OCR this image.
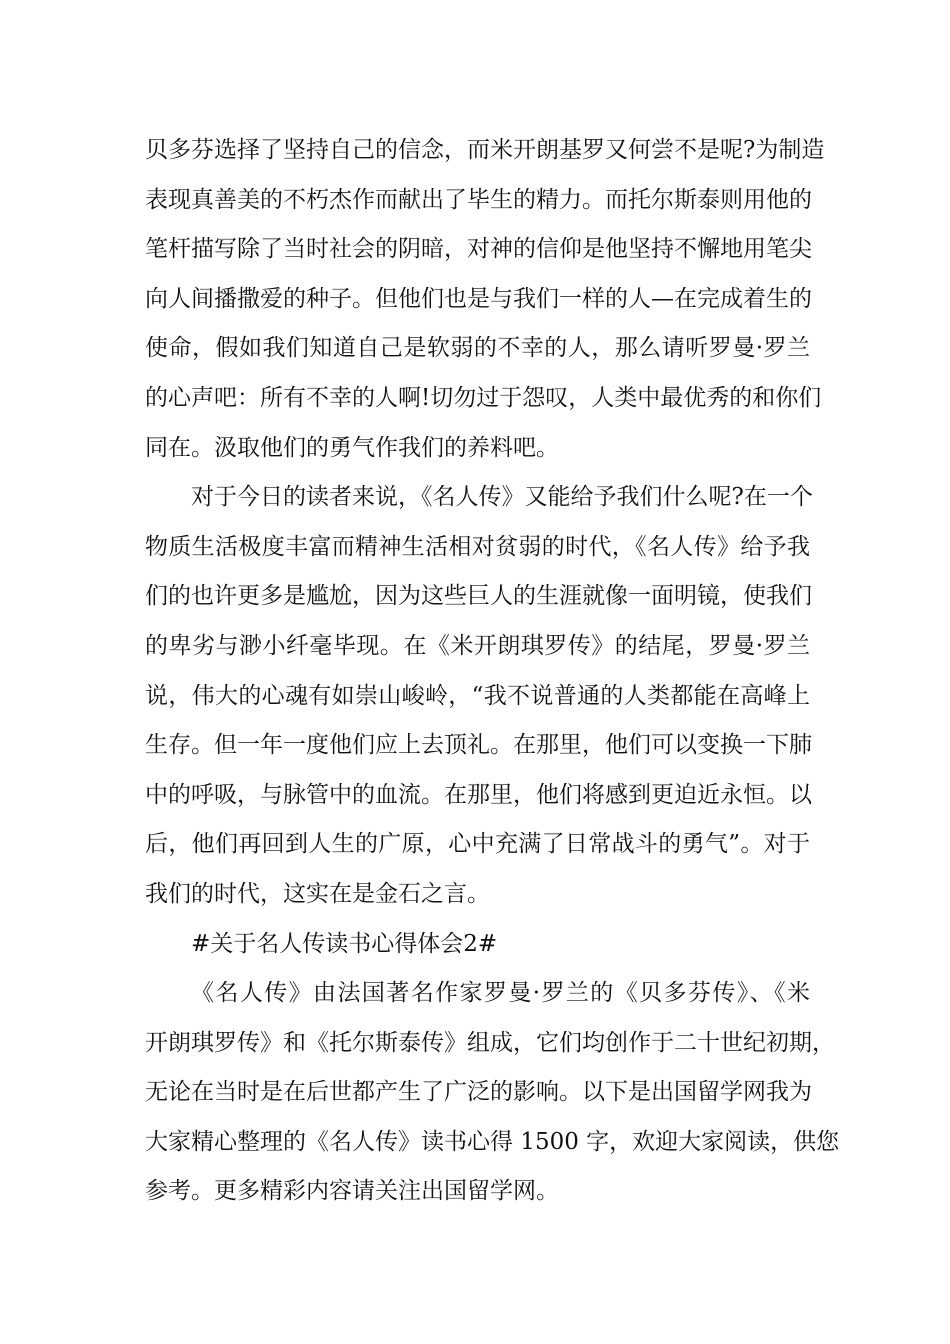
贝多芬选择了坚持自己的信念，而米开朗基罗又何尝不是呢?为制造
表现真善美的不朽杰作而献出了毕生的精力。而托尔斯泰则用他的
笔杆描写除了当时社会的阴暗，对神的信仰是他坚持不懈地用笔尖
向人间播撒爱的种子。但他们也是与我们一样的人—在完成着生的
使命，假如我们知道自己是软弱的不幸的人，那么请听罗曼·罗兰
的心声吧：所有不幸的人啊!切勿过于怨叹，人类中最优秀的和你们
同在。汲取他们的勇气作我们的养料吧。
对于今日的读者来说，《名人传》又能给予我们什么呢?在一个
物质生活极度丰富而精神生活相对贫弱的时代，《名人传》给予我
们的也许更多是尴尬，因为这些巨人的生涯就像一面明镜，使我们
的卑劣与渺小纤毫毕现。在《米开朗琪罗传》的结尾，罗曼·罗兰
说，伟大的心魂有如崇山峻岭，“我不说普通的人类都能在高峰上
生存。但一年一度他们应上去顶礼。在那里，他们可以变换一下肺
中的呼吸，与脉管中的血流。在那里，他们将感到更迫近永恒。以
后，他们再回到人生的广原，心中充满了日常战斗的勇气”。对于
我们的时代，这实在是金石之言。
#关于名人传读书心得体会2#
《名人传》由法国著名作家罗曼·罗兰的《贝多芬传》、《米
开朗琪罗传》和《托尔斯泰传》组成，它们均创作于二十世纪初期，
无论在当时是在后世都产生了广泛的影响。以下是出国留学网我为
大家精心整理的《名人传》读书心得 1500 字，欢迎大家阅读，供您
参考。更多精彩内容请关注出国留学网。
